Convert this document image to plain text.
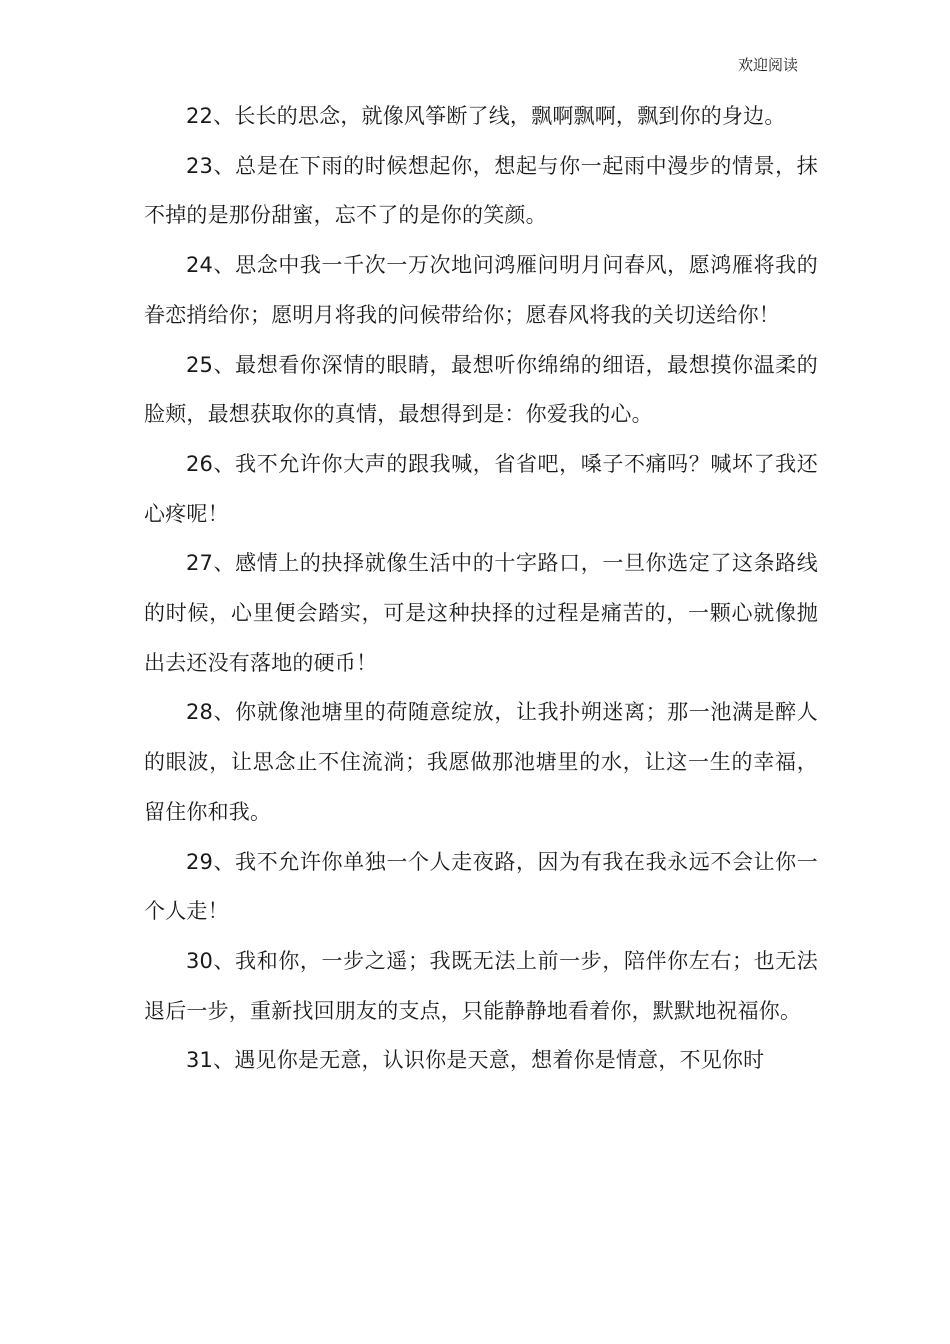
欢迎阅读

22、长长的思念，就像风筝断了线，飘啊飘啊，飘到你的身边。

23、总是在下雨的时候想起你，想起与你一起雨中漫步的情景，抹不掉的是那份甜蜜，忘不了的是你的笑颜。

24、思念中我一千次一万次地问鸿雁问明月问春风，愿鸿雁将我的眷恋捎给你；愿明月将我的问候带给你；愿春风将我的关切送给你！

25、最想看你深情的眼睛，最想听你绵绵的细语，最想摸你温柔的脸颊，最想获取你的真情，最想得到是：你爱我的心。

26、我不允许你大声的跟我喊，省省吧，嗓子不痛吗？喊坏了我还心疼呢！

27、感情上的抉择就像生活中的十字路口，一旦你选定了这条路线的时候，心里便会踏实，可是这种抉择的过程是痛苦的，一颗心就像抛出去还没有落地的硬币！

28、你就像池塘里的荷随意绽放，让我扑朔迷离；那一池满是醉人的眼波，让思念止不住流淌；我愿做那池塘里的水，让这一生的幸福，留住你和我。

29、我不允许你单独一个人走夜路，因为有我在我永远不会让你一个人走！

30、我和你，一步之遥；我既无法上前一步，陪伴你左右；也无法退后一步，重新找回朋友的支点，只能静静地看着你，默默地祝福你。

31、遇见你是无意，认识你是天意，想着你是情意，不见你时
